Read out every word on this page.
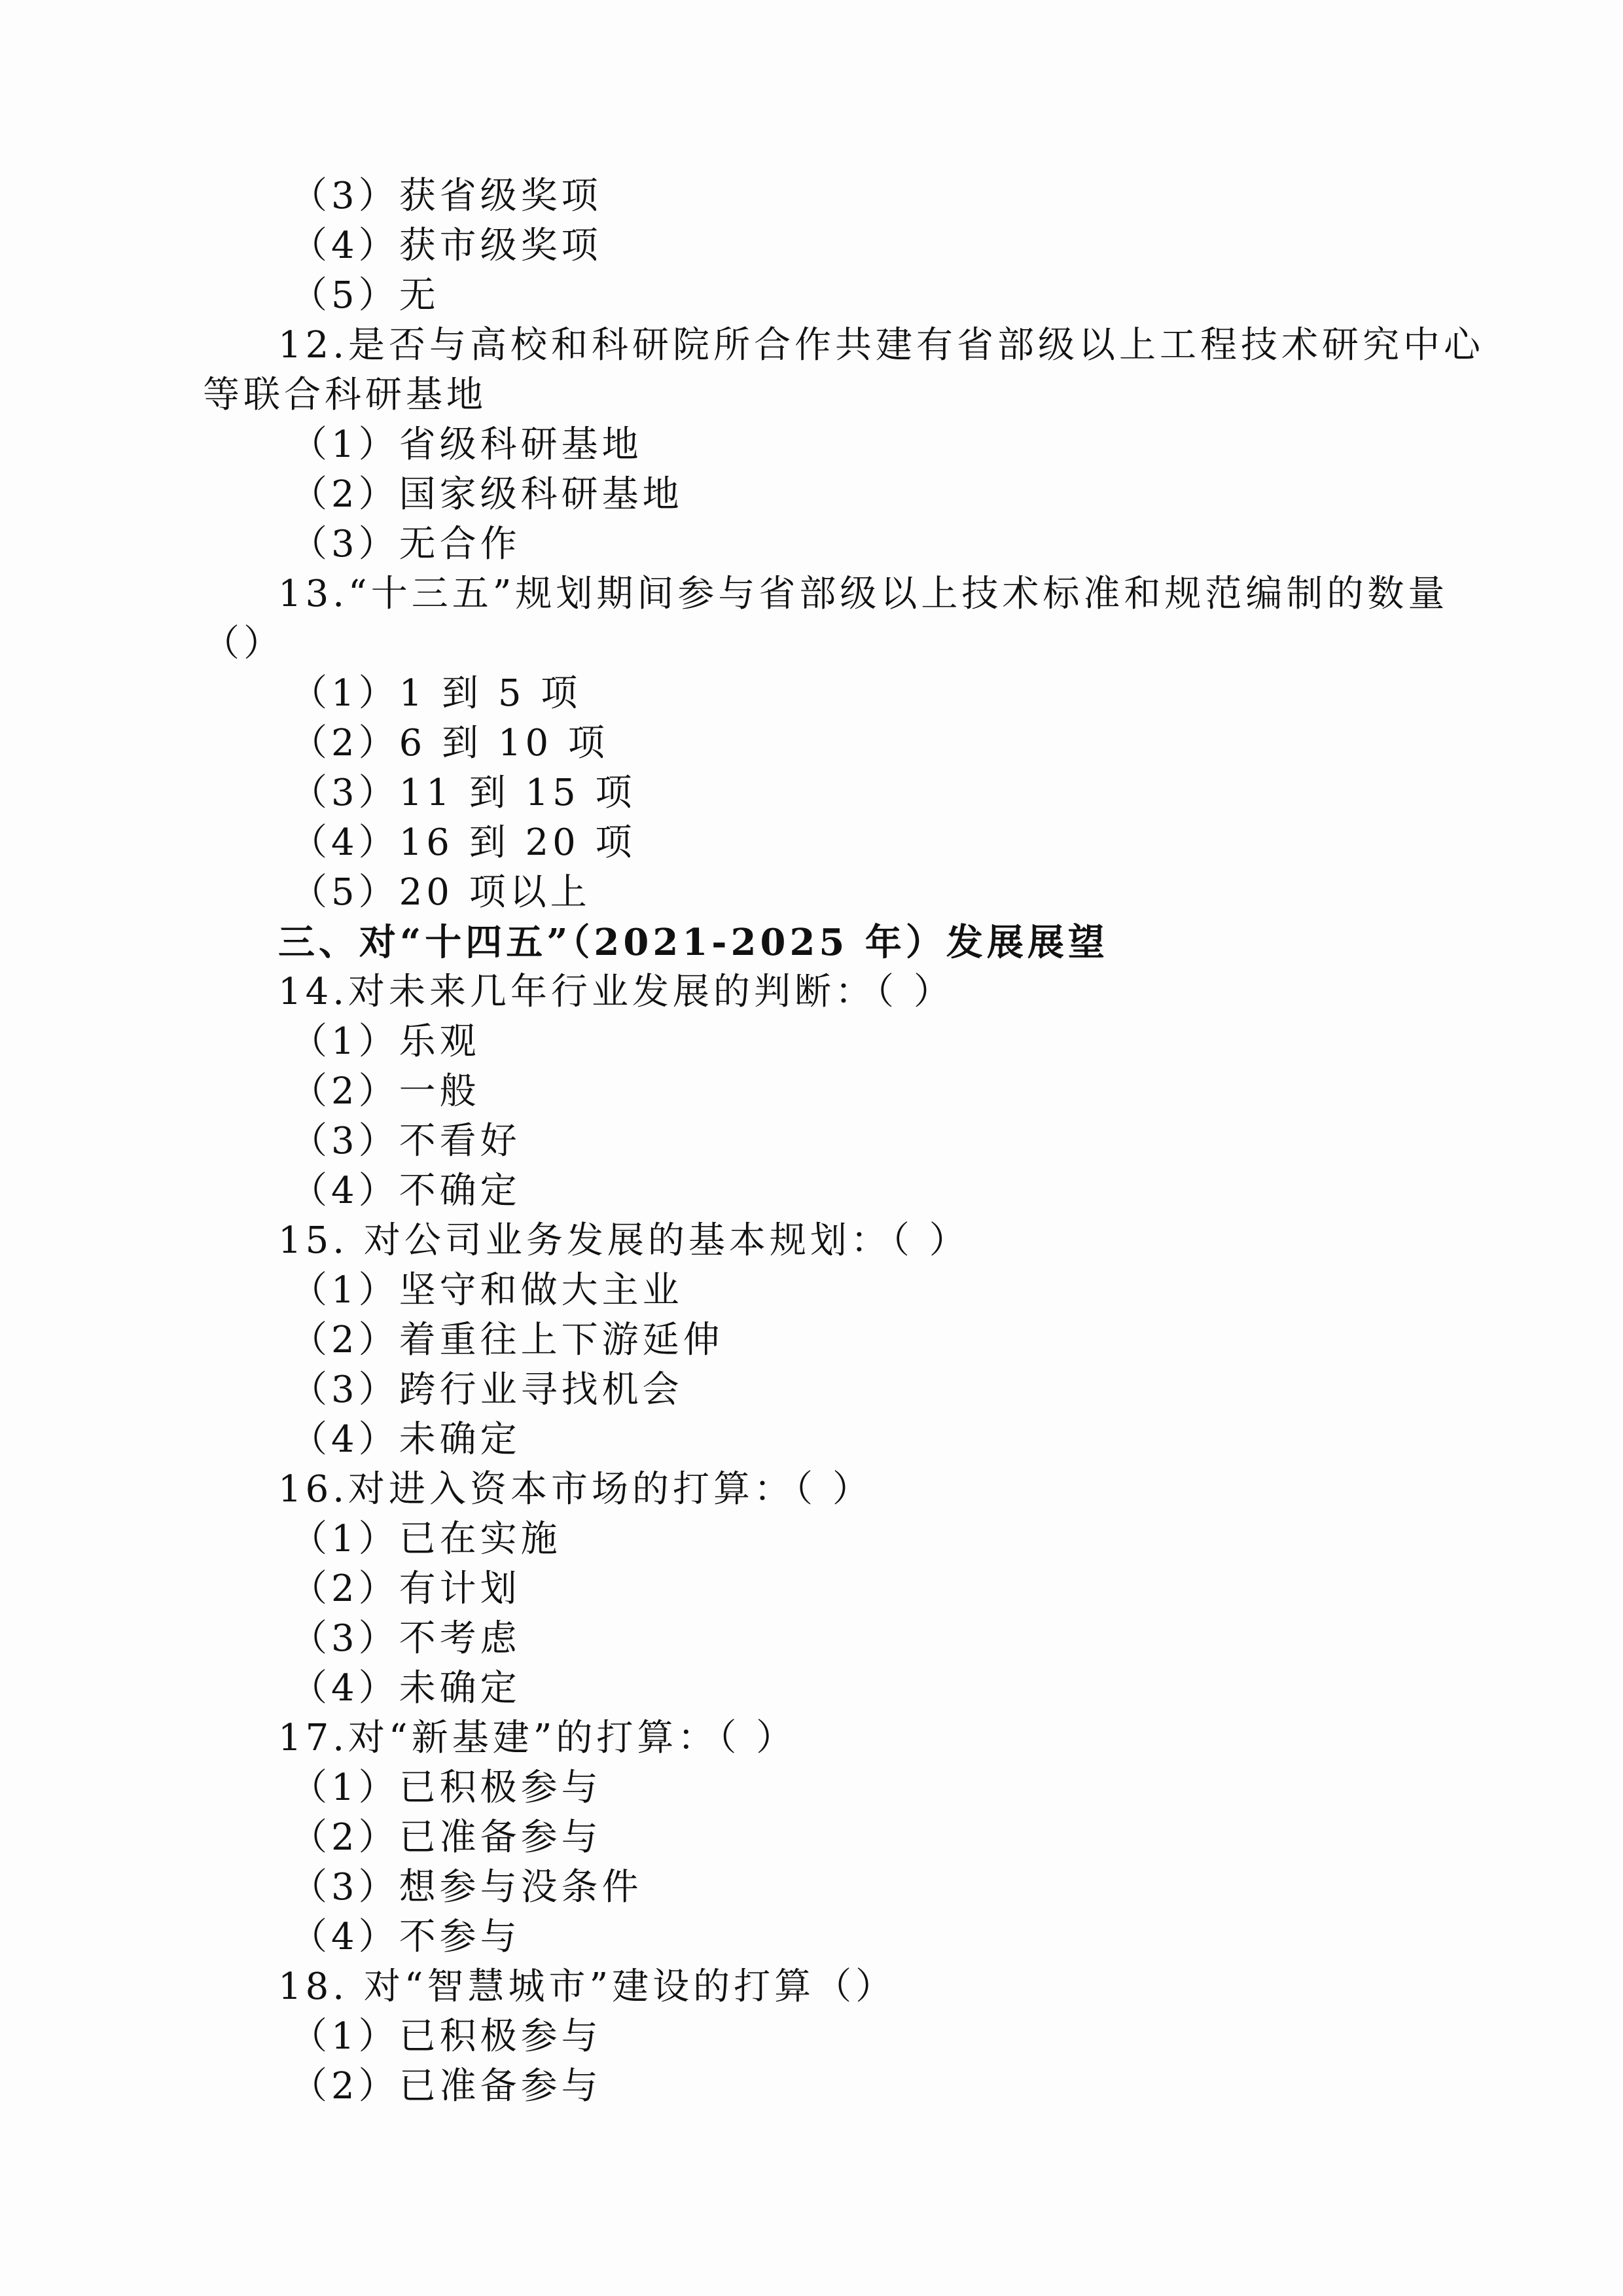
（3）获省级奖项
（4）获市级奖项
（5）无
12.是否与高校和科研院所合作共建有省部级以上工程技术研究中心
等联合科研基地
（1）省级科研基地
（2）国家级科研基地
（3）无合作
13.“十三五”规划期间参与省部级以上技术标准和规范编制的数量
（）
（1）1 到 5 项
（2）6 到 10 项
（3）11 到 15 项
（4）16 到 20 项
（5）20 项以上
三、对“十四五”（2021-2025 年）发展展望
14.对未来几年行业发展的判断：（ ）
（1）乐观
（2）一般
（3）不看好
（4）不确定
15. 对公司业务发展的基本规划：（ ）
（1）坚守和做大主业
（2）着重往上下游延伸
（3）跨行业寻找机会
（4）未确定
16.对进入资本市场的打算：（ ）
（1）已在实施
（2）有计划
（3）不考虑
（4）未确定
17.对“新基建”的打算：（ ）
（1）已积极参与
（2）已准备参与
（3）想参与没条件
（4）不参与
18. 对“智慧城市”建设的打算（）
（1）已积极参与
（2）已准备参与
